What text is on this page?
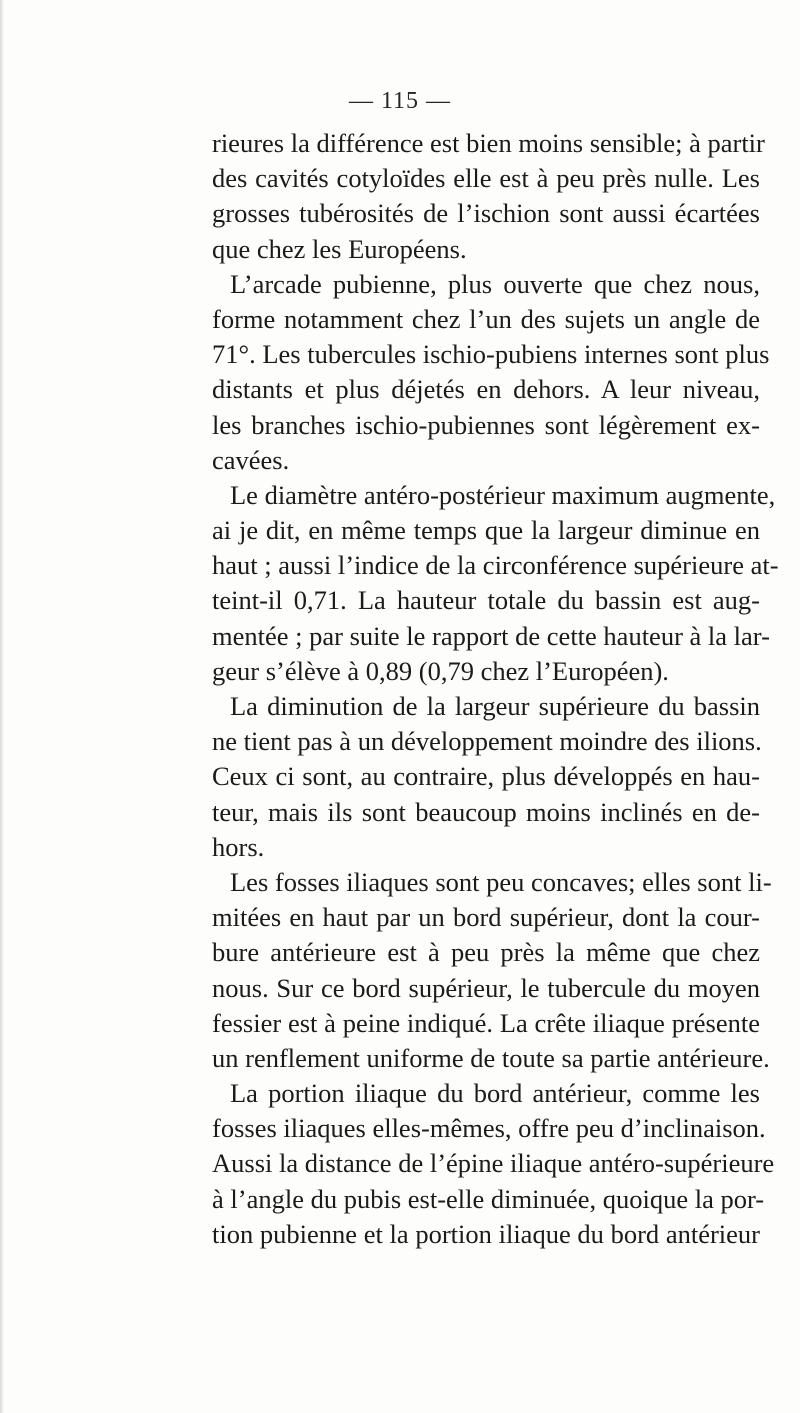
— 115 —
rieures la différence est bien moins sensible; à partir
des cavités cotyloïdes elle est à peu près nulle. Les
grosses tubérosités de l’ischion sont aussi écartées
que chez les Européens.
L’arcade pubienne, plus ouverte que chez nous,
forme notamment chez l’un des sujets un angle de
71°. Les tubercules ischio-pubiens internes sont plus
distants et plus déjetés en dehors. A leur niveau,
les branches ischio-pubiennes sont légèrement ex-
cavées.
Le diamètre antéro-postérieur maximum augmente,
ai je dit, en même temps que la largeur diminue en
haut ; aussi l’indice de la circonférence supérieure at-
teint-il 0,71. La hauteur totale du bassin est aug-
mentée ; par suite le rapport de cette hauteur à la lar-
geur s’élève à 0,89 (0,79 chez l’Européen).
La diminution de la largeur supérieure du bassin
ne tient pas à un développement moindre des ilions.
Ceux ci sont, au contraire, plus développés en hau-
teur, mais ils sont beaucoup moins inclinés en de-
hors.
Les fosses iliaques sont peu concaves; elles sont li-
mitées en haut par un bord supérieur, dont la cour-
bure antérieure est à peu près la même que chez
nous. Sur ce bord supérieur, le tubercule du moyen
fessier est à peine indiqué. La crête iliaque présente
un renflement uniforme de toute sa partie antérieure.
La portion iliaque du bord antérieur, comme les
fosses iliaques elles-mêmes, offre peu d’inclinaison.
Aussi la distance de l’épine iliaque antéro-supérieure
à l’angle du pubis est-elle diminuée, quoique la por-
tion pubienne et la portion iliaque du bord antérieur
